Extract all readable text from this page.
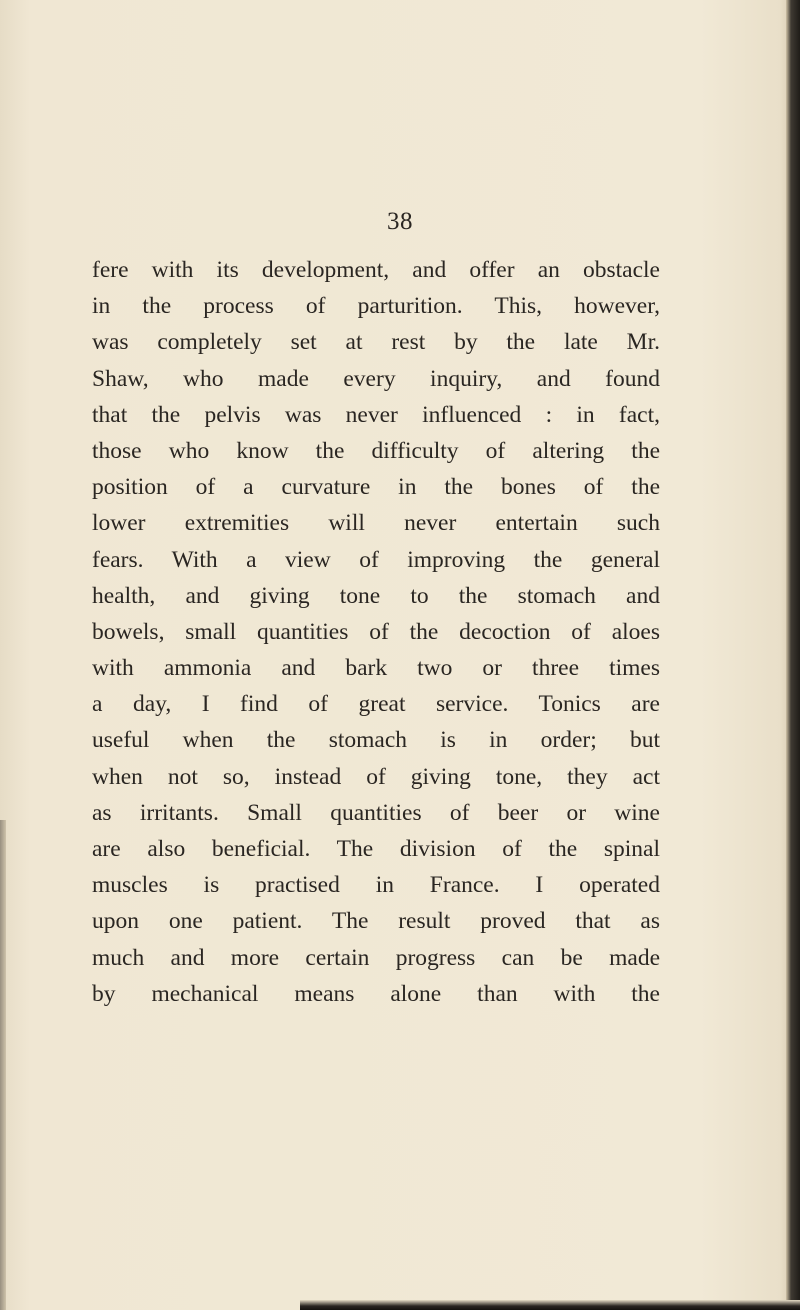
38
fere with its development, and offer an obstacle
in the process of parturition. This, however,
was completely set at rest by the late Mr.
Shaw, who made every inquiry, and found
that the pelvis was never influenced : in fact,
those who know the difficulty of altering the
position of a curvature in the bones of the
lower extremities will never entertain such
fears. With a view of improving the general
health, and giving tone to the stomach and
bowels, small quantities of the decoction of aloes
with ammonia and bark two or three times
a day, I find of great service. Tonics are
useful when the stomach is in order; but
when not so, instead of giving tone, they act
as irritants. Small quantities of beer or wine
are also beneficial. The division of the spinal
muscles is practised in France. I operated
upon one patient. The result proved that as
much and more certain progress can be made
by mechanical means alone than with the
